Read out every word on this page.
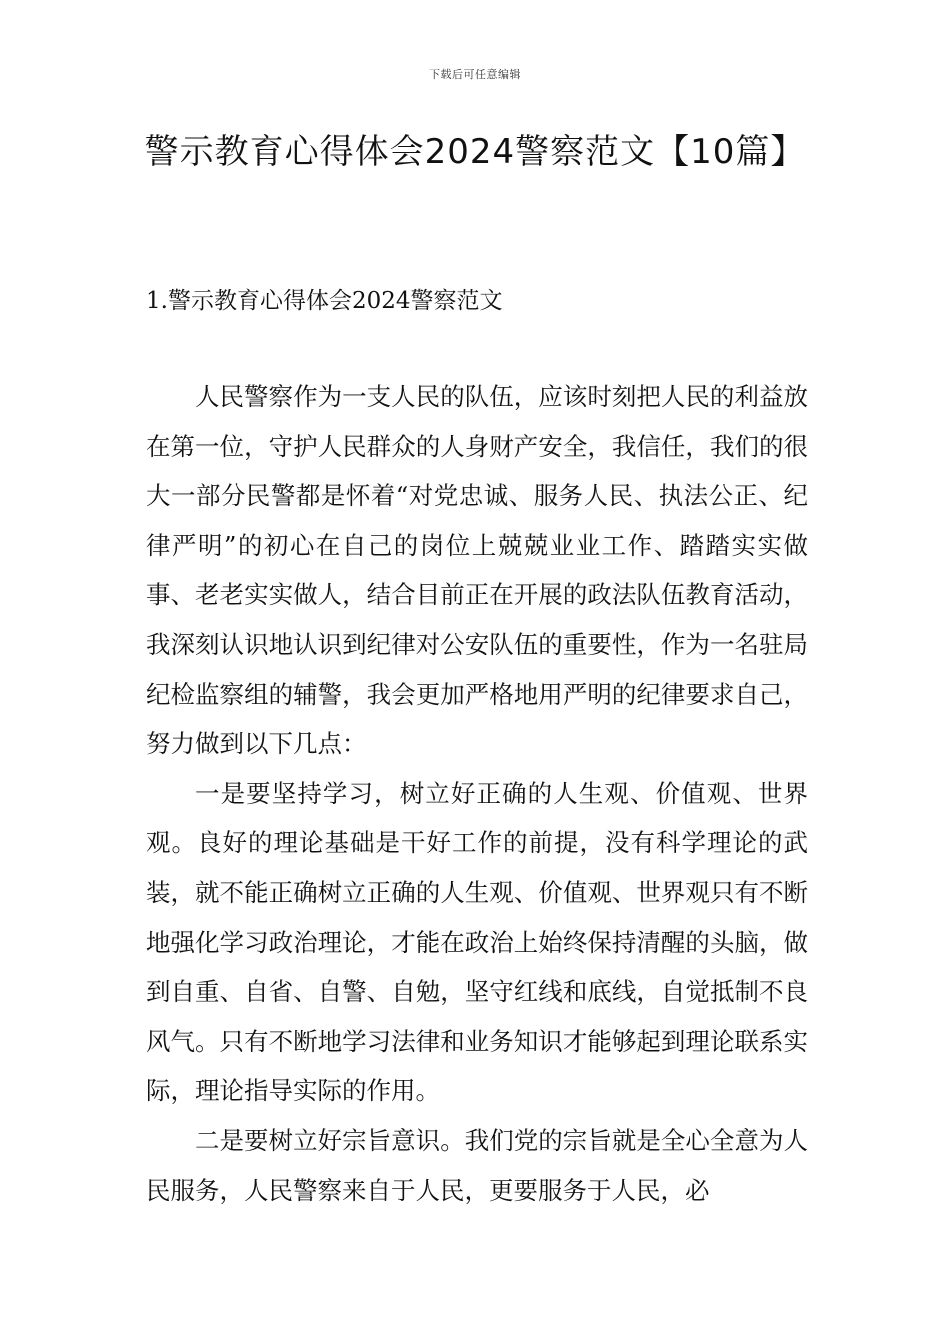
下载后可任意编辑
警示教育心得体会2024警察范文【10篇】
1.警示教育心得体会2024警察范文

人民警察作为一支人民的队伍，应该时刻把人民的利益放在第一位，守护人民群众的人身财产安全，我信任，我们的很大一部分民警都是怀着“对党忠诚、服务人民、执法公正、纪律严明”的初心在自己的岗位上兢兢业业工作、踏踏实实做事、老老实实做人，结合目前正在开展的政法队伍教育活动，我深刻认识地认识到纪律对公安队伍的重要性，作为一名驻局纪检监察组的辅警，我会更加严格地用严明的纪律要求自己，努力做到以下几点：

一是要坚持学习，树立好正确的人生观、价值观、世界观。良好的理论基础是干好工作的前提，没有科学理论的武装，就不能正确树立正确的人生观、价值观、世界观只有不断地强化学习政治理论，才能在政治上始终保持清醒的头脑，做到自重、自省、自警、自勉，坚守红线和底线，自觉抵制不良风气。只有不断地学习法律和业务知识才能够起到理论联系实际，理论指导实际的作用。

二是要树立好宗旨意识。我们党的宗旨就是全心全意为人民服务，人民警察来自于人民，更要服务于人民，必
